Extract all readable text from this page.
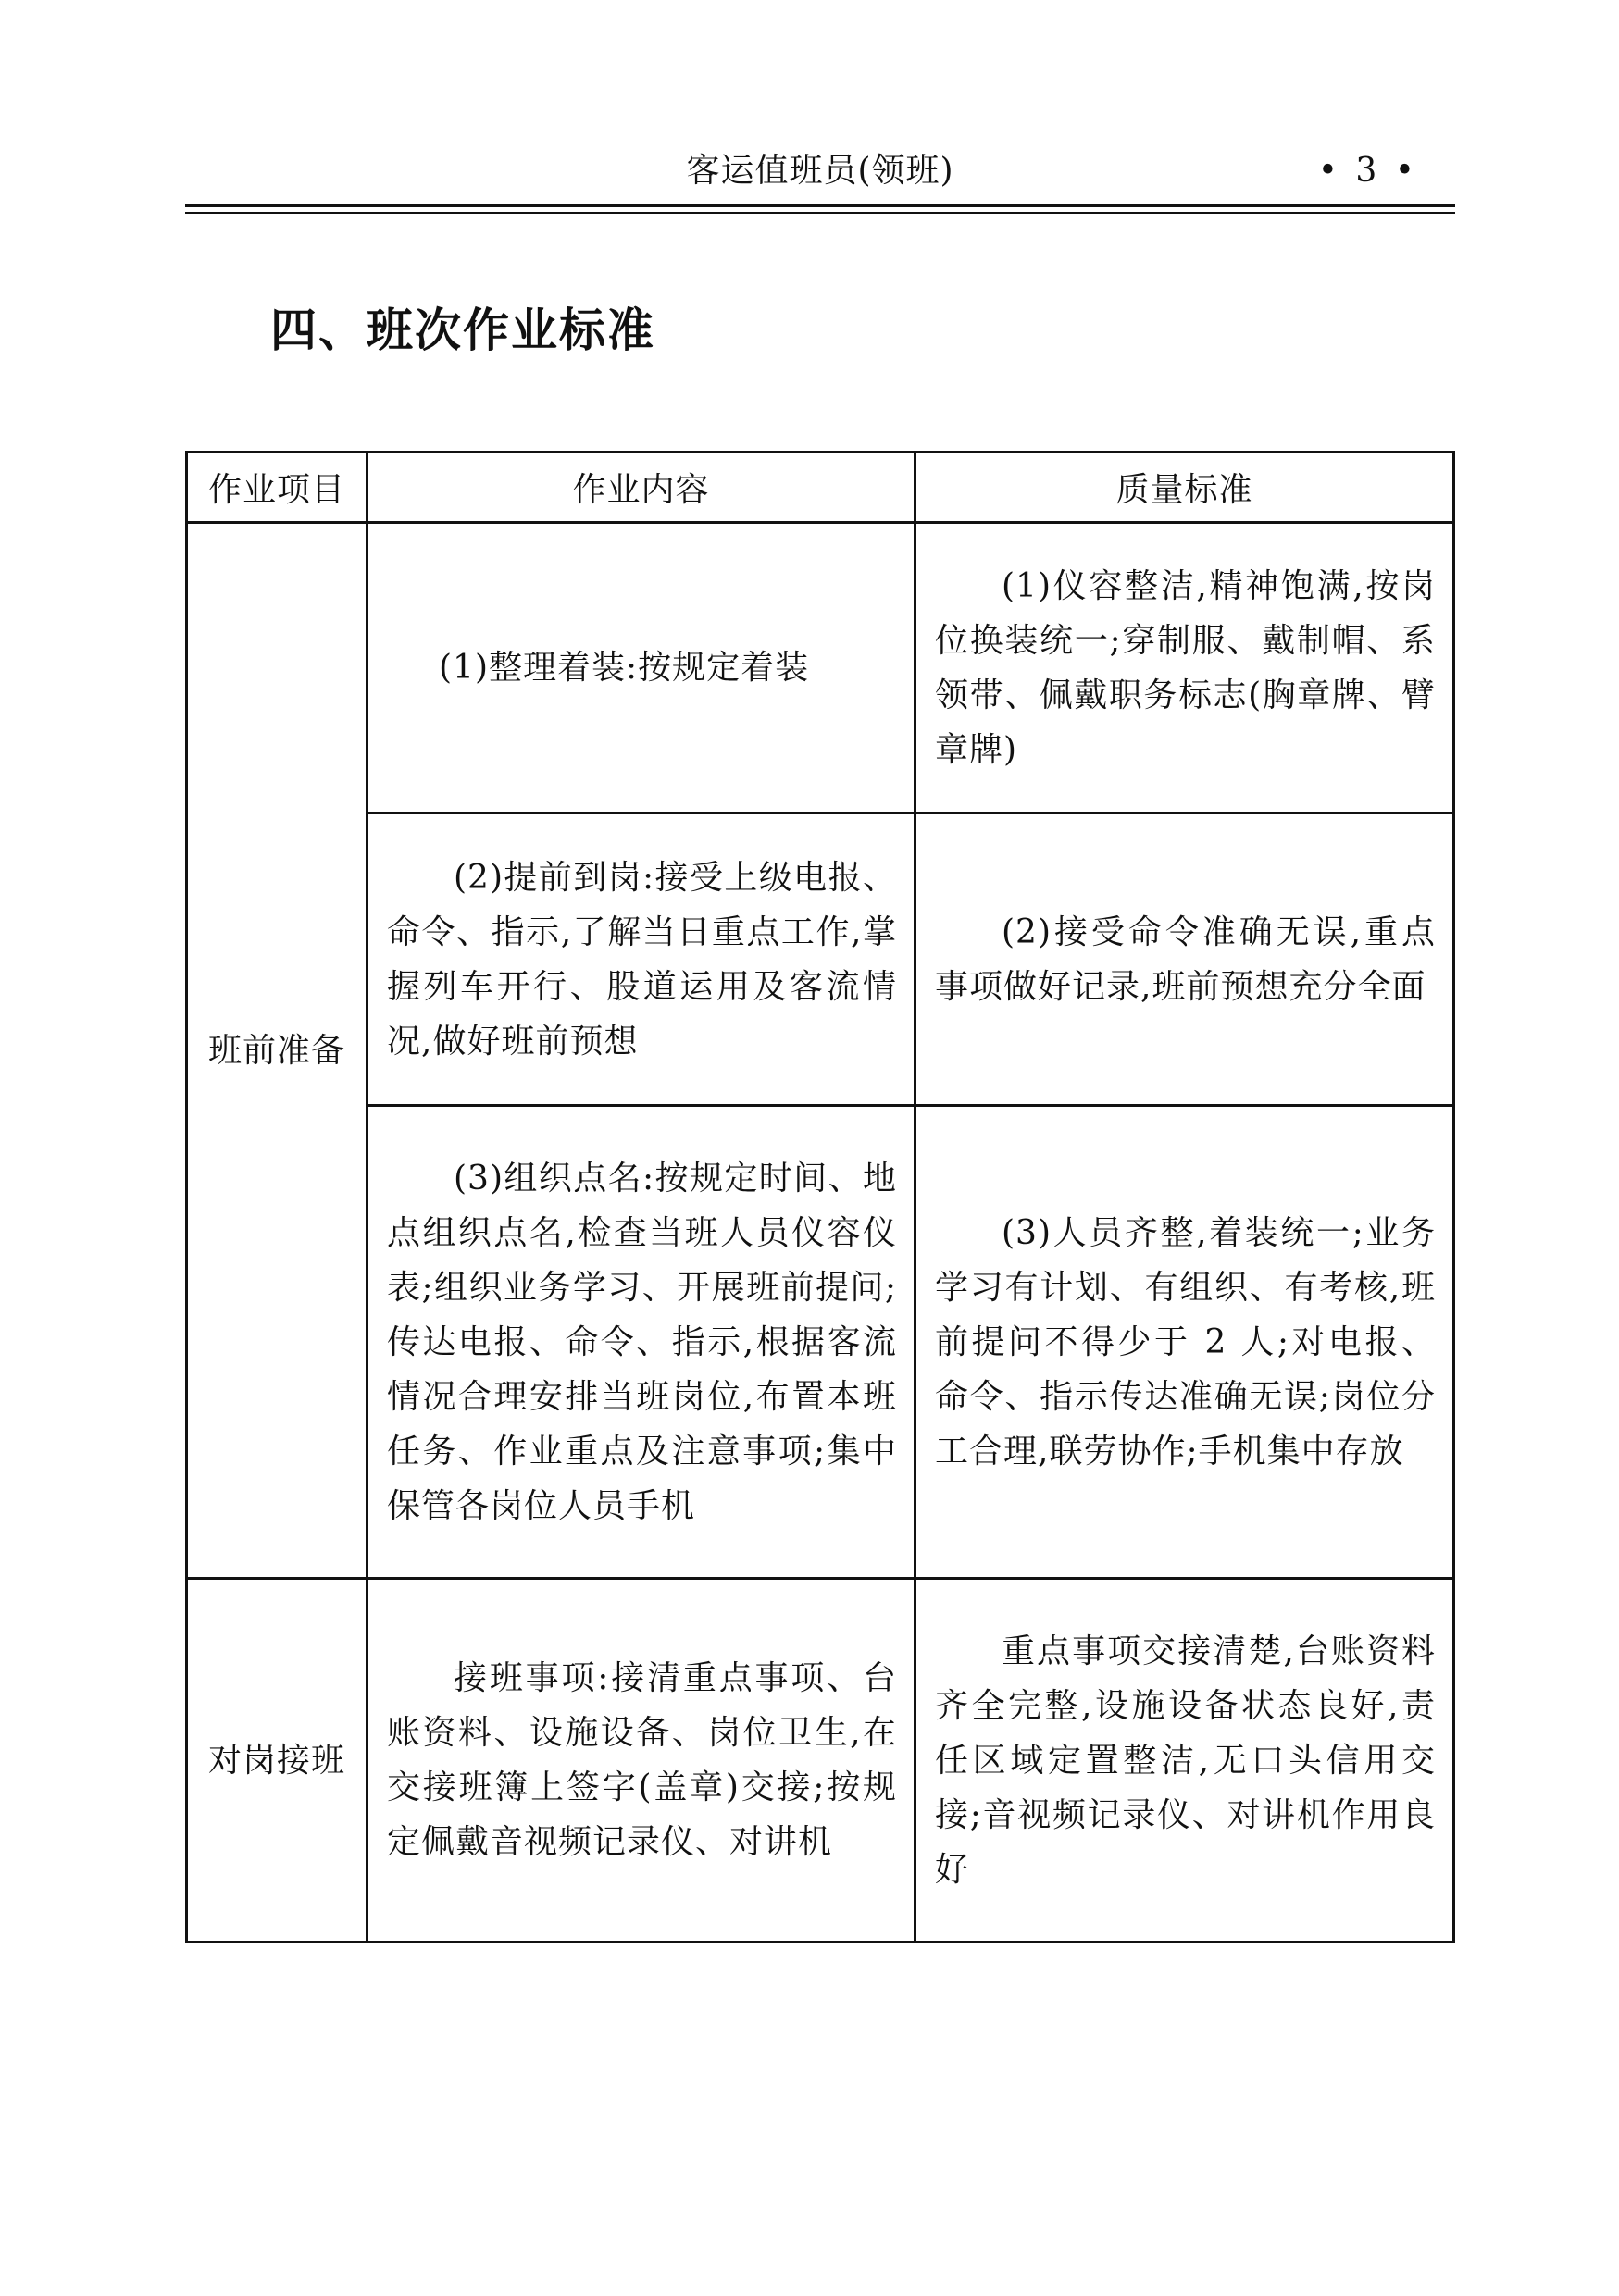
客运值班员(领班)	• 3 •
四、班次作业标准
作业项目	作业内容	质量标准
班前准备	(1)整理着装:按规定着装	(1)仪容整洁,精神饱满,按岗位换装统一;穿制服、戴制帽、系领带、佩戴职务标志(胸章牌、臂章牌)
	(2)提前到岗:接受上级电报、命令、指示,了解当日重点工作,掌握列车开行、股道运用及客流情况,做好班前预想	(2)接受命令准确无误,重点事项做好记录,班前预想充分全面
	(3)组织点名:按规定时间、地点组织点名,检查当班人员仪容仪表;组织业务学习、开展班前提问;传达电报、命令、指示,根据客流情况合理安排当班岗位,布置本班任务、作业重点及注意事项;集中保管各岗位人员手机	(3)人员齐整,着装统一;业务学习有计划、有组织、有考核,班前提问不得少于 2 人;对电报、命令、指示传达准确无误;岗位分工合理,联劳协作;手机集中存放
对岗接班	接班事项:接清重点事项、台账资料、设施设备、岗位卫生,在交接班簿上签字(盖章)交接;按规定佩戴音视频记录仪、对讲机	重点事项交接清楚,台账资料齐全完整,设施设备状态良好,责任区域定置整洁,无口头信用交接;音视频记录仪、对讲机作用良好
